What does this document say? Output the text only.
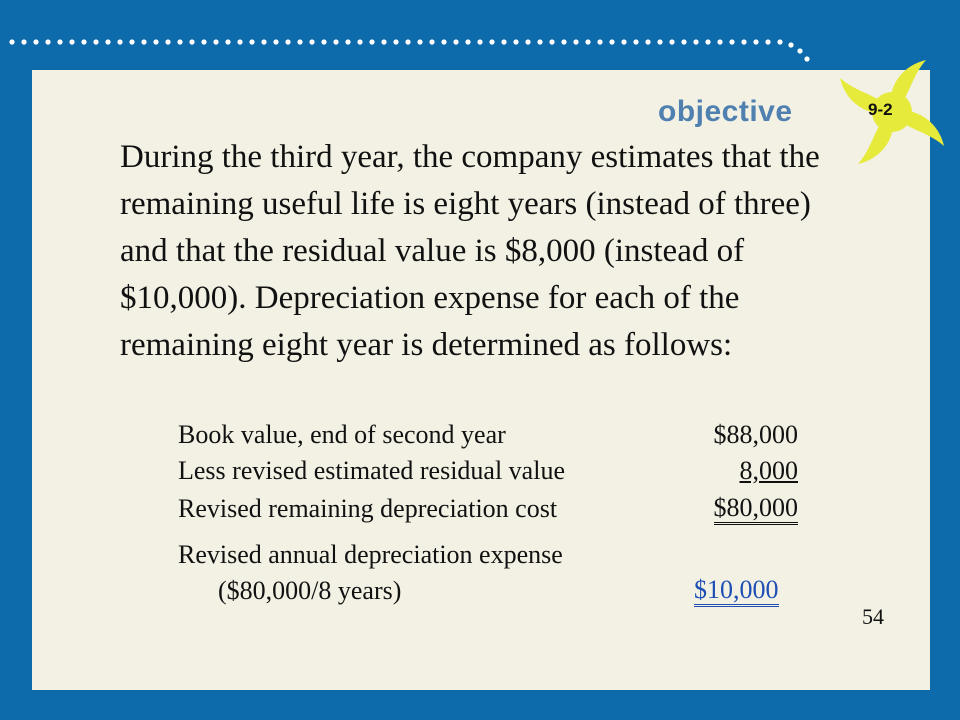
objective	9-2

During the third year, the company estimates that the remaining useful life is eight years (instead of three) and that the residual value is $8,000 (instead of $10,000). Depreciation expense for each of the remaining eight year is determined as follows:

Book value, end of second year	$88,000
Less revised estimated residual value	8,000
Revised remaining depreciation cost	$80,000
Revised annual depreciation expense
($80,000/8 years)	$10,000
54
